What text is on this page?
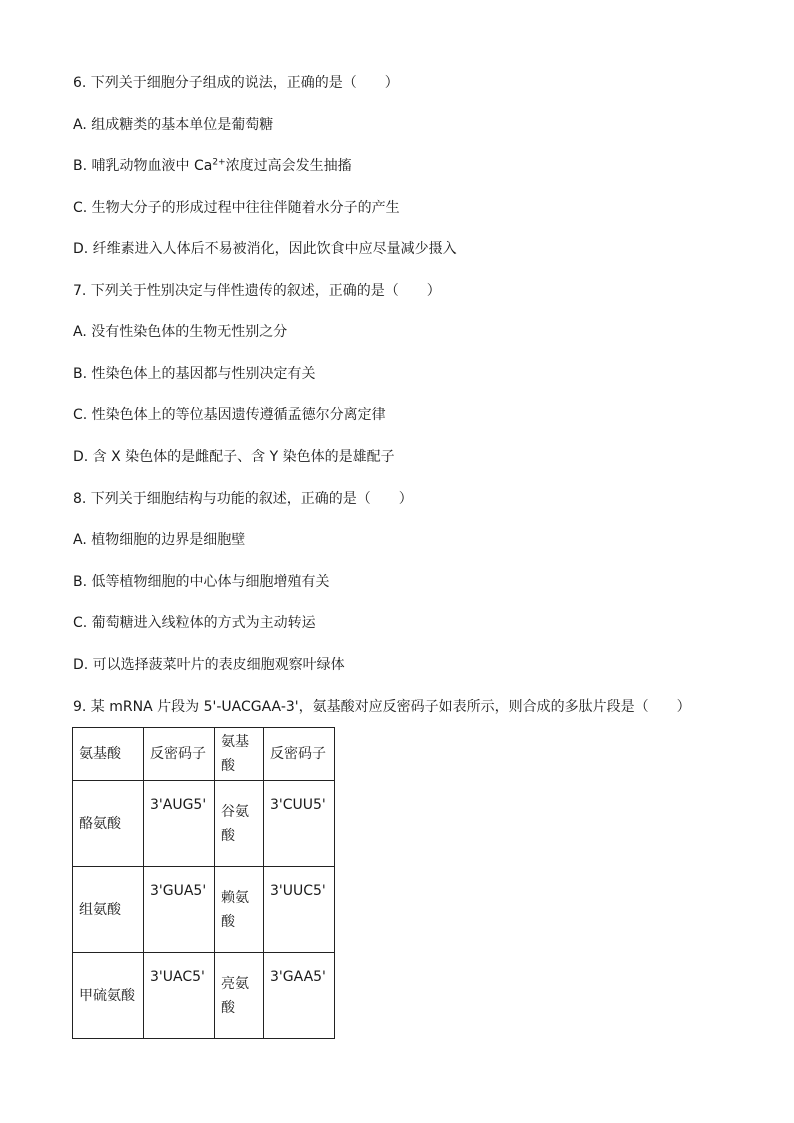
6. 下列关于细胞分子组成的说法，正确的是（　　）
A. 组成糖类的基本单位是葡萄糖
B. 哺乳动物血液中 $Ca^{2+}$浓度过高会发生抽搐
C. 生物大分子的形成过程中往往伴随着水分子的产生
D. 纤维素进入人体后不易被消化，因此饮食中应尽量减少摄入
7. 下列关于性别决定与伴性遗传的叙述，正确的是（　　）
A. 没有性染色体的生物无性别之分
B. 性染色体上的基因都与性别决定有关
C. 性染色体上的等位基因遗传遵循孟德尔分离定律
D. 含 X 染色体的是雌配子、含 Y 染色体的是雄配子
8. 下列关于细胞结构与功能的叙述，正确的是（　　）
A. 植物细胞的边界是细胞壁
B. 低等植物细胞的中心体与细胞增殖有关
C. 葡萄糖进入线粒体的方式为主动转运
D. 可以选择菠菜叶片的表皮细胞观察叶绿体
9. 某 mRNA 片段为 5'-UACGAA-3'，氨基酸对应反密码子如表所示，则合成的多肽片段是（　　）
氨基酸	反密码子	氨基酸	反密码子
酪氨酸	3'AUG5'	谷氨酸	3'CUU5'

组氨酸	3'GUA5'	赖氨酸	3'UUC5'

甲硫氨酸	3'UAC5'	亮氨酸	3'GAA5'
